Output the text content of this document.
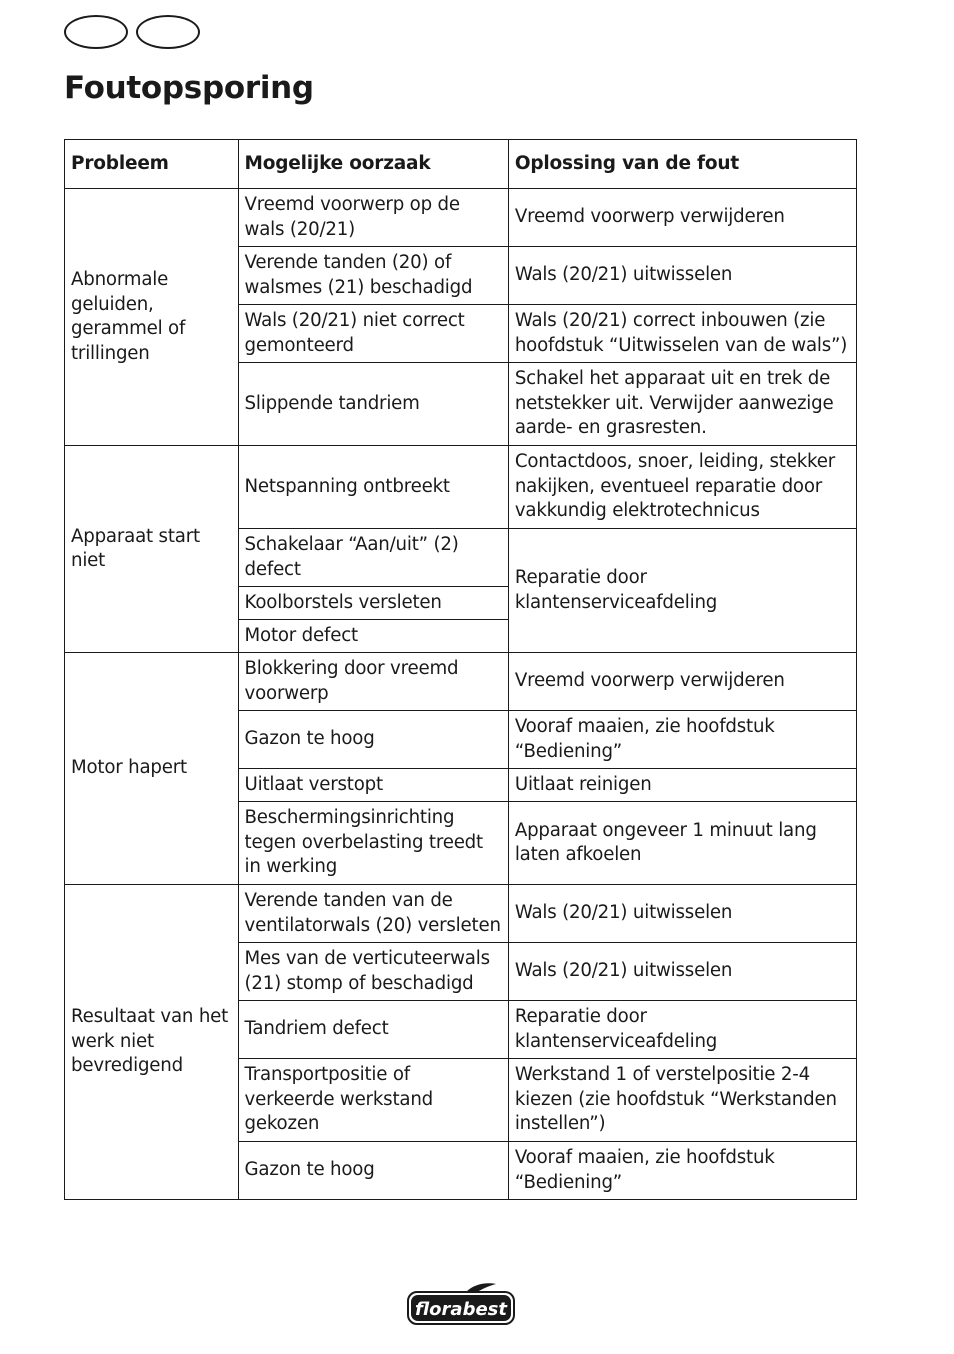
Foutopsporing
Probleem	Mogelijke oorzaak	Oplossing van de fout
Abnormale geluiden, gerammel of trillingen	Vreemd voorwerp op de wals (20/21)	Vreemd voorwerp verwijderen
	Verende tanden (20) of walsmes (21) beschadigd	Wals (20/21) uitwisselen
	Wals (20/21) niet correct gemonteerd	Wals (20/21) correct inbouwen (zie hoofdstuk “Uitwisselen van de wals”)
	Slippende tandriem	Schakel het apparaat uit en trek de netstekker uit. Verwijder aanwezige aarde- en grasresten.
Apparaat start niet	Netspanning ontbreekt	Contactdoos, snoer, leiding, stekker nakijken, eventueel reparatie door vakkundig elektrotechnicus
	Schakelaar “Aan/uit” (2) defect	Reparatie door klantenserviceafdeling
	Koolborstels versleten	
	Motor defect	
Motor hapert	Blokkering door vreemd voorwerp	Vreemd voorwerp verwijderen
	Gazon te hoog	Vooraf maaien, zie hoofdstuk “Bediening”
	Uitlaat verstopt	Uitlaat reinigen
	Beschermingsinrichting tegen overbelasting treedt in werking	Apparaat ongeveer 1 minuut lang laten afkoelen
Resultaat van het werk niet bevredigend	Verende tanden van de ventilatorwals (20) versleten	Wals (20/21) uitwisselen
	Mes van de verticuteerwals (21) stomp of beschadigd	Wals (20/21) uitwisselen
	Tandriem defect	Reparatie door klantenserviceafdeling
	Transportpositie of verkeerde werkstand gekozen	Werkstand 1 of verstelpositie 2-4 kiezen (zie hoofdstuk “Werkstanden instellen”)
	Gazon te hoog	Vooraf maaien, zie hoofdstuk “Bediening”
florabest
